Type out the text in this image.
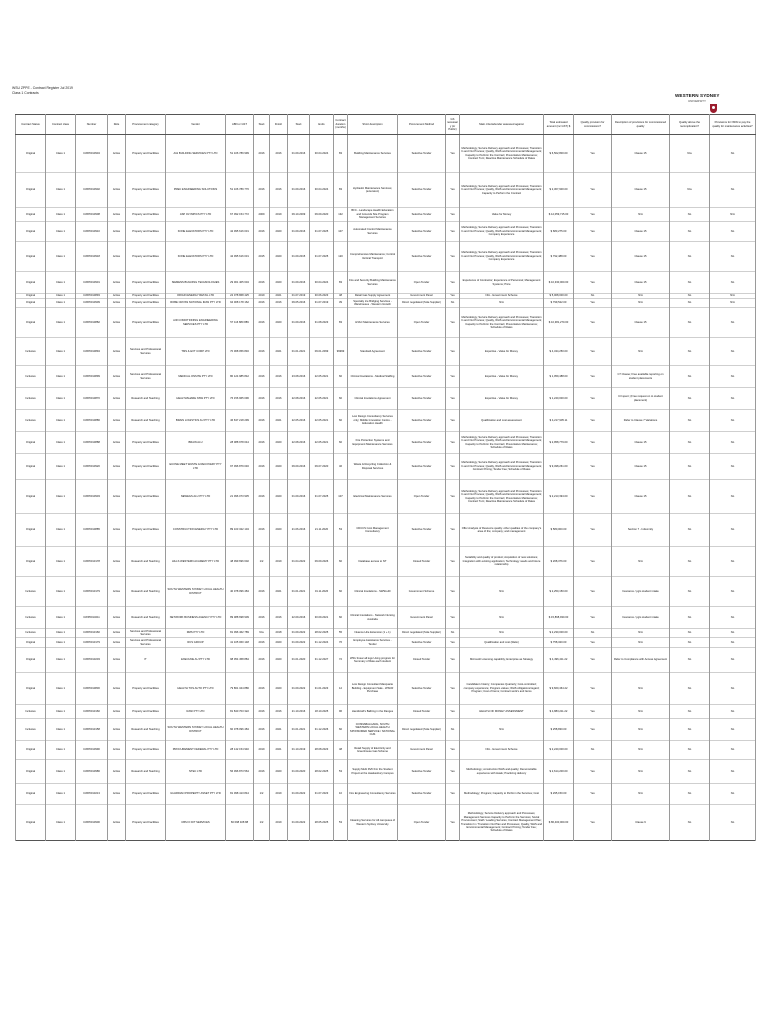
WSU ZPPE - Contract Register Jul 2019
Class 1 Contracts
WESTERN SYDNEY
UNIVERSITY
Contract Status	Contract class	Number	Role	Procurement category	Vendor	ABN or GST	Start	Finish	Start	Ends	Contract duration (months)	Short description	Procurement Method	GS necessary (or Public)	Main criteria/tender assessed against	Total estimated amount (inc GST) $	Quality provision for commissions?	Description of provisions for commissioned quality	Quality above the recomplication?	Provisions for NSW to pay the quality for maintenance activities?
Original	Class 1	CWP0013904	Active	Property and Facilities	AGI BUILDING SERVICES PTY LTD	51 106 789 999	2016	2016	01.09.2016	30.04.2024	83	Building Maintenance Services	Selective Tender	Yes	Methodology; Service Delivery approach and Processes; Transition In and Out Process; Quality, WHS and Environmental Management; Capacity to Perform the Contract; Preventative Maintenance; Contract Turn; Reactive Maintenance Schedule of Rates	$ 6,502,800.00	Yes	Clause 15	N/a	No
Original	Class 1	CWP0013902	Active	Property and Facilities	PREC ENGINEERING SOLUTIONS	51 106 789 776	2016	2016	01.09.2016	30.04.2024	83	Hydraulic Maintenance Services; (extension)	Selective Tender	Yes	Methodology; Service Delivery approach and Processes; Transition In and Out Process; Quality, WHS and Environmental Management; Capacity to Perform the Contract	$ 2,307,900.00	Yes	Clause 15	N/a	No
Original	Class 1	CWP0013908	Active	Property and Facilities	ASP OLYMPICS PTY LTD	67 092 154 772	2009	2019	09.10.2009	09.09.2020	132	BFC - Landscape Health Education and Grounds Site Program Management Services	Selective Tender	Yes	Value for Money	$ 12,059,715.00	Yes	N/A	No	N/A
Original	Class 1	CWP0013910	Active	Property and Facilities	KONE ELEVATORS PTY LTD	42 095 616 031	2016	2020	01.09.2016	31.07.2025	107	Automated Control Maintenance Services	Selective Tender	Yes	Methodology; Service Delivery approach and Processes; Transition In and Out Process; Quality, WHS and Environmental Management; Company Experience	$ 683,275.00	Yes	Clause 15	No	No
Original	Class 1	CWP0013918	Active	Property and Facilities	KONE ELEVATORS PTY LTD	42 095 616 031	2015	2020	01.09.2015	31.07.2025	120	Comprehensive Maintenance; Control Vertical Transport	Selective Tender	Yes	Methodology; Service Delivery approach and Processes; Transition In and Out Process; Quality, WHS and Environmental Management; Company Experience	$ 792,488.00	Yes	Clause 15	No	No
Original	Class 1	CWP0013901	Active	Property and Facilities	SIEMENS BUILDING TECHNOLOGIES	29 001 405 604	2016	2020	01.09.2016	30.04.2024	83	Fire and Security Building Maintenance Services	Open Tender	Yes	Experience of Contractor; Experience of Personnel; Management Systems; Price	$ 10,330,000.00	Yes	Clause 15	No	No
Original	Class 1	CWP0013893	Active	Property and Facilities	ORIGIN ENERGY RETAIL LTD	22 078 868 425	2019	2021	01.07.2019	30.06.2023	48	Retail Gas Supply Agreement	Government Panel	Yes	N/A - Government Scheme	$ 5,008,000.00	No	N/A	No	N/A
Original	Class 1	CWP0013909	Active	Property and Facilities	ROBE CROSS NATIONAL IRAN PTY LTD	94 008 178 162	2016	2016	09.05.2016	31.07.2019	39	Specialty Ice Bridging Services - Warehouses - Western Growth	Direct negotiated (Sole Supplier)	No	N/A	$ 799,522.00	Yes	N/A	No	N/A
Original	Class 1	CWP0013882	Active	Property and Facilities	AIR CONDITIONING ENGINEERING SERVICES PTY LTD	57 116 880 889	2016	2020	01.09.2016	31.08.2023	83	HVAC Maintenance Services	Open Tender	Yes	Methodology; Service Delivery approach and Processes; Transition In and Out Process; Quality, WHS and Environmental Management; Capacity to Perform the Contract; Preventative Maintenance; Schedule of Rates	$ 10,381,270.00	Yes	Clause 15	No	No
Inclusive	Class 1	CWP0013894	Active	Services and Professional Services	TMS & EXT CORP LTD	70 068 056 846	2016	2021	01.01.2021	09.01.2099	99999	Standard Agreement	Selective Tender	Yes	Expertise - Value for Money	$ 4,434,250.00	Yes	N/A	No	No
Inclusive	Class 1	CWP0013899	Active	Services and Professional Services	MEDICAL ONSITE PTY LTD	80 124 985 842	2016	2016	23.08.2016	22.05.2021	60	Clinical Insolations - Medical Staffing	Selective Tender	Yes	Expertise - Value for Money	$ 1,059,488.00	Yes	C7 Clause; Free available reporting on student placements	No	No
Inclusive	Class 1	CWP0013870	Active	Research and Teaching	HEALTHSHARE NSW PTY LTD	76 156 965 096	2016	2016	22.08.2016	22.05.2021	60	Clinical Insolations Agreement	Selective Tender	Yes	Expertise - Value for Money	$ 1,240,000.00	Yes	C3 spent; (Free request on to student placement)	No	No
Inclusive	Class 1	CWP0013886	Active	Research and Teaching	BRAIN LOGISTICS AU PTY LTD	46 637 218 299	2016	2021	22.05.2016	22.05.2021	60	Low Design Consultancy Services only; Middle Innovation Centre - Education Health	Selective Tender	Yes	Qualification and cost assessment	$ 4,217,905.11	Yes	Refer to Clause 7 Variations	No	No
Original	Class 1	CWP0013888	Active	Property and Facilities	BRAIN ALU	28 088 978 044	2016	2020	22.08.2016	22.05.2021	60	Fire Protection Systems and Equipment Maintenance Services	Selective Tender	Yes	Methodology; Service Delivery approach and Processes; Transition In and Out Process; Quality, WHS and Environmental Management; Capacity to Perform the Contract; Preventative Maintenance; Schedule of Rates	$ 2,958,779.00	Yes	Clause 15	No	No
Original	Class 1	CWP0013920	Active	Property and Facilities	ECOSE MEET WASTE & RECOVERY PTY LTD	97 096 879 046	2016	2020	09.09.2016	09.07.2020	46	Waste & Recycling Collection & Disposal Services	Selective Tender	Yes	Methodology; Service Delivery approach and Processes; Transition In and Out Process; Quality, WHS and Environmental Management; Contract Pricing; Tender Fee; Schedule of Rates	$ 9,498,261.00	Yes	Clause 15	No	No
Original	Class 1	CWP0013903	Active	Property and Facilities	NEWEGS ALU PTY LTD	21 096 073 935	2016	2020	01.09.2016	31.07.2025	107	Electrical Maintenance Services	Open Tender	Yes	Methodology; Service Delivery approach and Processes; Transition In and Out Process; Quality, WHS and Environmental Management; Capacity to Perform the Contract; Preventative Maintenance; Contract Turn; Reactive Maintenance Schedule of Rates	$ 2,213,394.00	Yes	Clause 15	No	No
Original	Class 1	CWP0013885	Active	Property and Facilities	CONSTRUCTION ENERGY PTY LTD	89 103 322 104	2016	2020	21.06.2016	21.11.2020	53	CDCCS Cost Management Consultancy	Selective Tender	Yes	Offer Analysis of Resource quality: other qualities of the company's area of the; company; and management	$ 580,000.00	Yes	Section 7 - Indemnity	No	No
Original	Class 1	CWP0013178	Active	Research and Teaching	HILLS WESTERN ACADEMY PTY LTD	48 099 696 602	1/2	2019	01.04.2022	09.09.2026	60	Database access to NT	Closed Tender	Yes	Suitability and quality of product; Acquisition of new solutions; Integration with existing application; Technology needs and future relationship	$ 268,376.00	Yes	N/A	No	No
Inclusive	Class 1	CWP0013179	Active	Research and Teaching	SOUTH WESTERN SYDNEY LOCAL HEALTH DISTRICT	40 078 096 484	2016	2021	01.01.2021	01.11.2026	60	Clinical Insolations - SWSLHD	Government Scheme	Yes	N/A	$ 2,250,150.00	Yes	Insurance / pg/s student intake	No	No
Inclusive	Class 1	CWP0013211	Active	Research and Teaching	NETWORK BUSINESS AGENCY PTY LTD	89 088 698 909	2016	2016	22.09.2016	30.09.2021	60	Clinical Insolations - Network Nursing Australia	Government Panel	Yes	N/A	$ 15,868,930.00	Yes	Insurance / pg/s student intake	No	No
Inclusive	Class 1	CWP0013160	Active	Services and Professional Services	RMS PTY LTD	81 096 462 789	N/a	2018	01.09.2022	28.02.2025	55	Nuance Hire Extension (1 + 1)	Direct negotiated (Sole Supplier)	No	N/A	$ 2,230,000.00	No	N/A	No	No
Original	Class 1	CWP0013179	Active	Services and Professional Services	RCS GROUP	41 105 060 148	2016	2020	01.09.2022	31.12.2024	76	Employee Assistance Services - Tender	Selective Tender	Yes	Qualification and cost (Ratio)	$ 758,320.00	Yes	N/A	No	No
Original	Class 1	CWP0013203	Active	IT	EXECUNE AU PTY LTD	98 054 458 884	2016	2020	01.01.2020	31.12.2027	72	WSU linear all legs Using program for Summary of Rate each student	Closed Tender	Yes	Microsoft Licensing capability; Enterprise as Strategy	$ 4,496,411.22	Yes	Refer to Compliance with Access Agreement	No	No
Original	Class 1	CWP0013830	Active	Property and Facilities	HEALTH TOS AUTO PTY LTD	79 861 344 886	2016	2020	01.09.2022	31.01.2023	12	Low Design Consultant Macquarie Building - Equipment Sale - WSCR Purchase	Selective Tender	Yes	Candidate's history; Companies Quarterly; Cost-controlled; company experience; Program values; WHS obligations/regard; Program; Cost of Items; Contract work's and Items	$ 9,660,464.22	Yes	N/A	No	No
Inclusive	Class 1	CWP0013160	Active	Property and Facilities	RANI PTY LTD	81 840 703 322	2016	2016	21.10.2016	18.10.2025	96	Handicraft's Ballring in the Ranges	Closed Tender	Yes	HEALTH OF MONEY ASSESSMENT	$ 4,883,211.22	Yes	N/A	No	No
Inclusive	Class 1	CWP0013158	Active	Research and Teaching	SOUTH WESTERN SYDNEY LOCAL HEALTH DISTRICT	60 078 096 484	2016	2021	01.01.2021	31.12.2026	60	CONNABALGANG, SOUTH WESTERN LOCAL HEALTH SPONSORED SERVICE / NATIONAL CHS	Direct negotiated (Sole Supplier)	No	N/A	$ 258,830.00	Yes	N/A	No	No
Original	Class 1	CWP0013990	Active	Property and Facilities	PROCUREMENT FEDERAL PTY LTD	28 142 154 940	2019	2021	01.10.2019	28.08.2023	48	Retail Supply of Electricity and Greenhouse Gas Scheme	Government Panel	Yes	N/A - Government Scheme	$ 2,240,000.00	No	N/A	No	No
Original	Class 1	CWP0013986	Active	Research and Teaching	NTEC LTD	56 096 873 564	2016	2020	01.09.2020	28.02.2025	53	Supply Multi DVD For the Student Project at the Hawkesbury Campus	Selective Tender	Yes	Methodology; construction WHS and quality; Demonstrable experience with Hawk; Practicing delivery	$ 2,614,200.00	Yes	N/A	No	No
Original	Class 1	CWP0013213	Active	Property and Facilities	GUARDIAN PROPERTY ASSET PTY LTD	81 098 413 844	1/2	2019	01.09.2022	31.07.2023	10	Fire Engineering Consultancy Services	Selective Tender	Yes	Methodology; Program; Capacity to Perform the Services; Cost	$ 295,150.00	Yes	N/A	No	No
Original	Class 1	CWP0013900	Active	Property and Facilities	CBS IO DIT SERVICES	66 098 408 88	1/2	2019	01.09.2022	28.05.2025	53	Cleaning Services for All campuses of Western Sydney University	Open Tender	Yes	Methodology; Service Delivery approach and Processes; Management Services Capacity to Perform the Services; Social Procurement; Staff / Leading Services; Contract Management Plan; Transition In / Transition Out Plan and Processes; Quality, WHS and Environmental Management; Contract Pricing; Tender Fee; Schedule of Rates	$ 86,400,000.00	Yes	Clause 9	No	No
